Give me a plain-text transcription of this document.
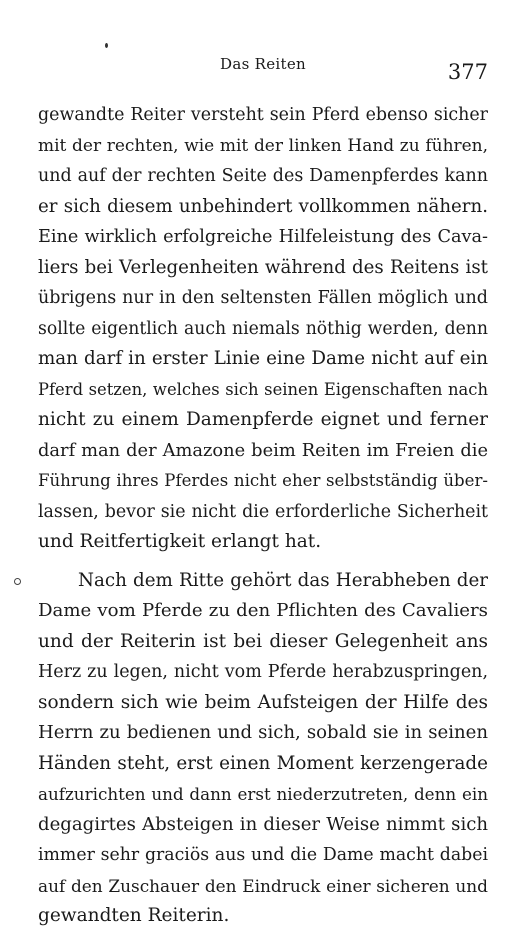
Das Reiten	377
gewandte Reiter versteht sein Pferd ebenso sicher
mit der rechten, wie mit der linken Hand zu führen,
und auf der rechten Seite des Damenpferdes kann
er sich diesem unbehindert vollkommen nähern.
Eine wirklich erfolgreiche Hilfeleistung des Cava-
liers bei Verlegenheiten während des Reitens ist
übrigens nur in den seltensten Fällen möglich und
sollte eigentlich auch niemals nöthig werden, denn
man darf in erster Linie eine Dame nicht auf ein
Pferd setzen, welches sich seinen Eigenschaften nach
nicht zu einem Damenpferde eignet und ferner
darf man der Amazone beim Reiten im Freien die
Führung ihres Pferdes nicht eher selbstständig über-
lassen, bevor sie nicht die erforderliche Sicherheit
und Reitfertigkeit erlangt hat.
Nach dem Ritte gehört das Herabheben der
Dame vom Pferde zu den Pflichten des Cavaliers
und der Reiterin ist bei dieser Gelegenheit ans
Herz zu legen, nicht vom Pferde herabzuspringen,
sondern sich wie beim Aufsteigen der Hilfe des
Herrn zu bedienen und sich, sobald sie in seinen
Händen steht, erst einen Moment kerzengerade
aufzurichten und dann erst niederzutreten, denn ein
degagirtes Absteigen in dieser Weise nimmt sich
immer sehr graciös aus und die Dame macht dabei
auf den Zuschauer den Eindruck einer sicheren und
gewandten Reiterin.
